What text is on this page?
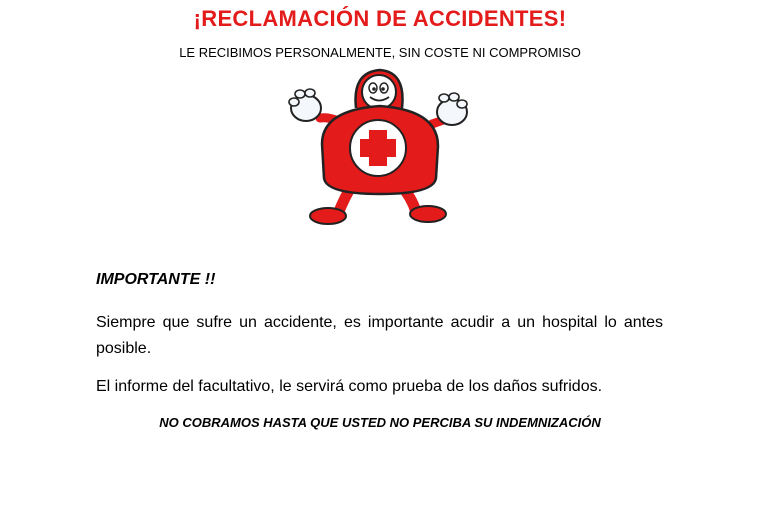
¡RECLAMACIÓN DE ACCIDENTES!
LE RECIBIMOS PERSONALMENTE, SIN COSTE NI COMPROMISO
IMPORTANTE !!
Siempre que sufre un accidente, es importante acudir a un hospital lo antes posible.
El informe del facultativo, le servirá como prueba de los daños sufridos.
NO COBRAMOS HASTA QUE USTED NO PERCIBA SU INDEMNIZACIÓN
